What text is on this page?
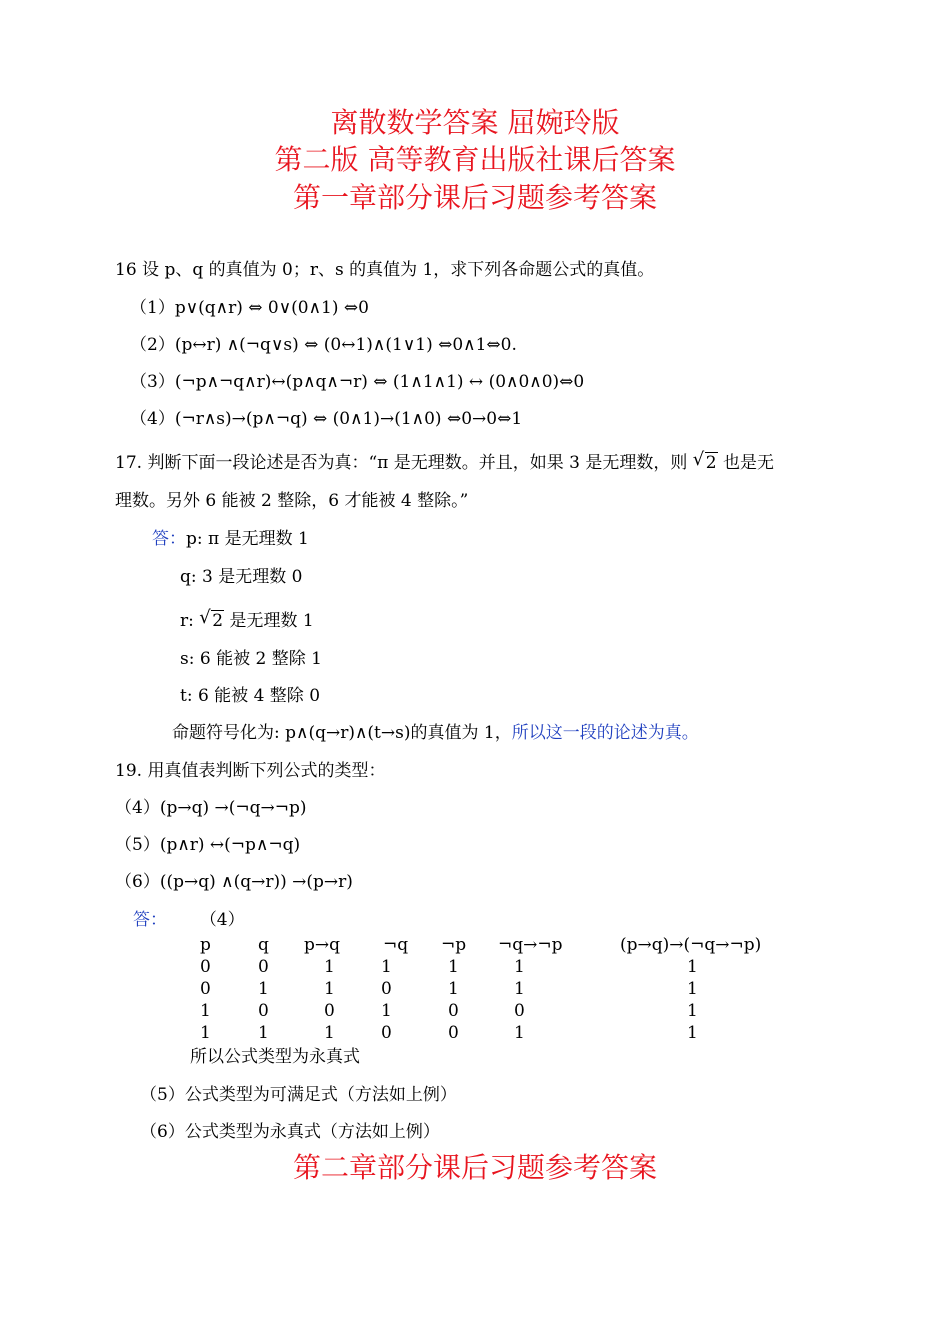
离散数学答案 屈婉玲版
第二版 高等教育出版社课后答案
第一章部分课后习题参考答案
16 设 p、q 的真值为 0；r、s 的真值为 1，求下列各命题公式的真值。
（1）p∨(q∧r) ⇔ 0∨(0∧1) ⇔0
（2）(p↔r) ∧(¬q∨s) ⇔ (0↔1)∧(1∨1) ⇔0∧1⇔0.
（3）(¬p∧¬q∧r)↔(p∧q∧¬r) ⇔ (1∧1∧1) ↔ (0∧0∧0)⇔0
（4）(¬r∧s)→(p∧¬q) ⇔ (0∧1)→(1∧0) ⇔0→0⇔1
17. 判断下面一段论述是否为真：“π 是无理数。并且，如果 3 是无理数，则 √ 2 也是无
理数。另外 6 能被 2 整除，6 才能被 4 整除。”
答：p: π 是无理数 1
q: 3 是无理数 0
r: √ 2 是无理数 1
s: 6 能被 2 整除 1
t: 6 能被 4 整除 0
命题符号化为: p∧(q→r)∧(t→s)的真值为 1，所以这一段的论述为真。
19. 用真值表判断下列公式的类型：
（4）(p→q) →(¬q→¬p)
（5）(p∧r) ↔(¬p∧¬q)
（6）((p→q) ∧(q→r)) →(p→r)
答： （4）
p	q p→q	¬q ¬p ¬q→¬p	(p→q)→(¬q→¬p)
0	0	1	1	1	1	1
0	1	1	0	1	1	1
1	0	0	1	0	0	1
1	1	1	0	0	1	1
所以公式类型为永真式
（5）公式类型为可满足式（方法如上例）
（6）公式类型为永真式（方法如上例）
第二章部分课后习题参考答案
